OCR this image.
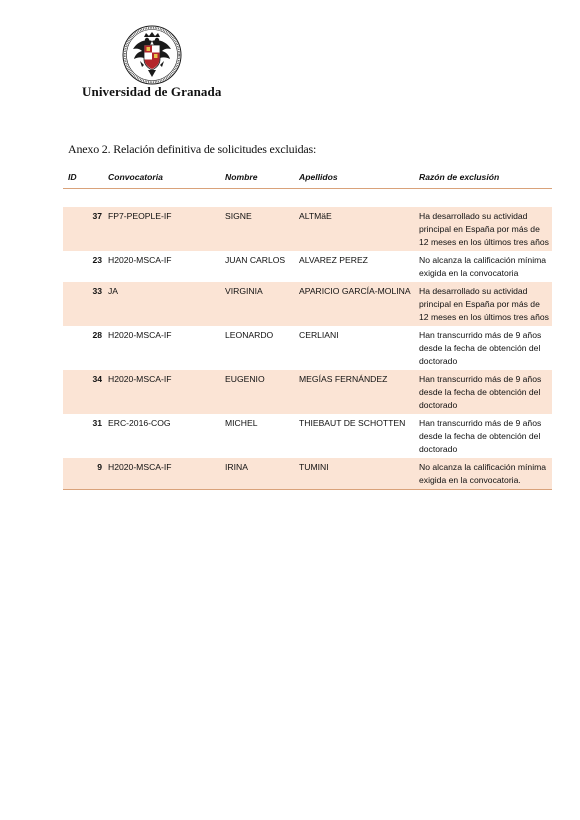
Universidad de Granada
Anexo 2. Relación definitiva de solicitudes excluidas:
ID	Convocatoria	Nombre	Apellidos	Razón de exclusión

37	FP7-PEOPLE-IF	SIGNE	ALTMäE	Ha desarrollado su actividad principal en España por más de 12 meses en los últimos tres años
23	H2020-MSCA-IF	JUAN CARLOS	ALVAREZ PEREZ	No alcanza la calificación mínima exigida en la convocatoria
33	JA	VIRGINIA	APARICIO GARCÍA-MOLINA	Ha desarrollado su actividad principal en España por más de 12 meses en los últimos tres años
28	H2020-MSCA-IF	LEONARDO	CERLIANI	Han transcurrido más de 9 años desde la fecha de obtención del doctorado
34	H2020-MSCA-IF	EUGENIO	MEGÍAS FERNÁNDEZ	Han transcurrido más de 9 años desde la fecha de obtención del doctorado
31	ERC-2016-COG	MICHEL	THIEBAUT DE SCHOTTEN	Han transcurrido más de 9 años desde la fecha de obtención del doctorado
9	H2020-MSCA-IF	IRINA	TUMINI	No alcanza la calificación mínima exigida en la convocatoria.
